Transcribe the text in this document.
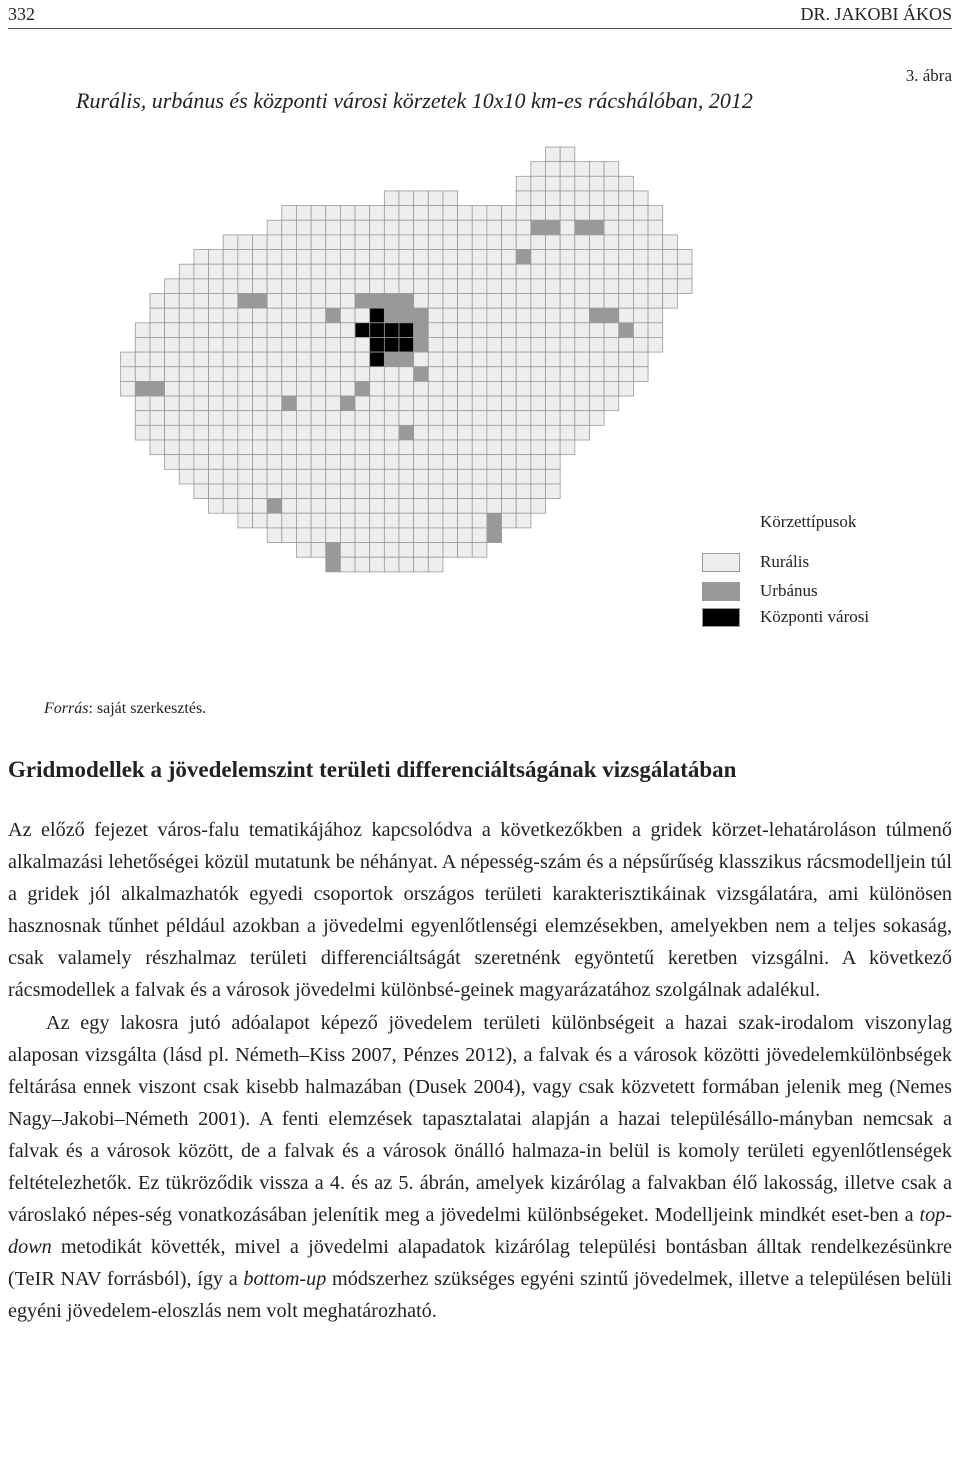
332	DR. JAKOBI ÁKOS
3. ábra
Rurális, urbánus és központi városi körzetek 10x10 km-es rácshálóban, 2012
Körzettípusok
Rurális
Urbánus
Központi városi
Forrás: saját szerkesztés.
Gridmodellek a jövedelemszint területi differenciáltságának vizsgálatában

Az előző fejezet város-falu tematikájához kapcsolódva a következőkben a gridek körzet-lehatároláson túlmenő alkalmazási lehetőségei közül mutatunk be néhányat. A népesség-szám és a népsűrűség klasszikus rácsmodelljein túl a gridek jól alkalmazhatók egyedi csoportok országos területi karakterisztikáinak vizsgálatára, ami különösen hasznosnak tűnhet például azokban a jövedelmi egyenlőtlenségi elemzésekben, amelyekben nem a teljes sokaság, csak valamely részhalmaz területi differenciáltságát szeretnénk egyöntetű keretben vizsgálni. A következő rácsmodellek a falvak és a városok jövedelmi különbsé-geinek magyarázatához szolgálnak adalékul.

Az egy lakosra jutó adóalapot képező jövedelem területi különbségeit a hazai szak-irodalom viszonylag alaposan vizsgálta (lásd pl. Németh–Kiss 2007, Pénzes 2012), a falvak és a városok közötti jövedelemkülönbségek feltárása ennek viszont csak kisebb halmazában (Dusek 2004), vagy csak közvetett formában jelenik meg (Nemes Nagy–Jakobi–Németh 2001). A fenti elemzések tapasztalatai alapján a hazai településállo-mányban nemcsak a falvak és a városok között, de a falvak és a városok önálló halmaza-in belül is komoly területi egyenlőtlenségek feltételezhetők. Ez tükröződik vissza a 4. és az 5. ábrán, amelyek kizárólag a falvakban élő lakosság, illetve csak a városlakó népes-ség vonatkozásában jelenítik meg a jövedelmi különbségeket. Modelljeink mindkét eset-ben a top-down metodikát követték, mivel a jövedelmi alapadatok kizárólag települési bontásban álltak rendelkezésünkre (TeIR NAV forrásból), így a bottom-up módszerhez szükséges egyéni szintű jövedelmek, illetve a településen belüli egyéni jövedelem-eloszlás nem volt meghatározható.
